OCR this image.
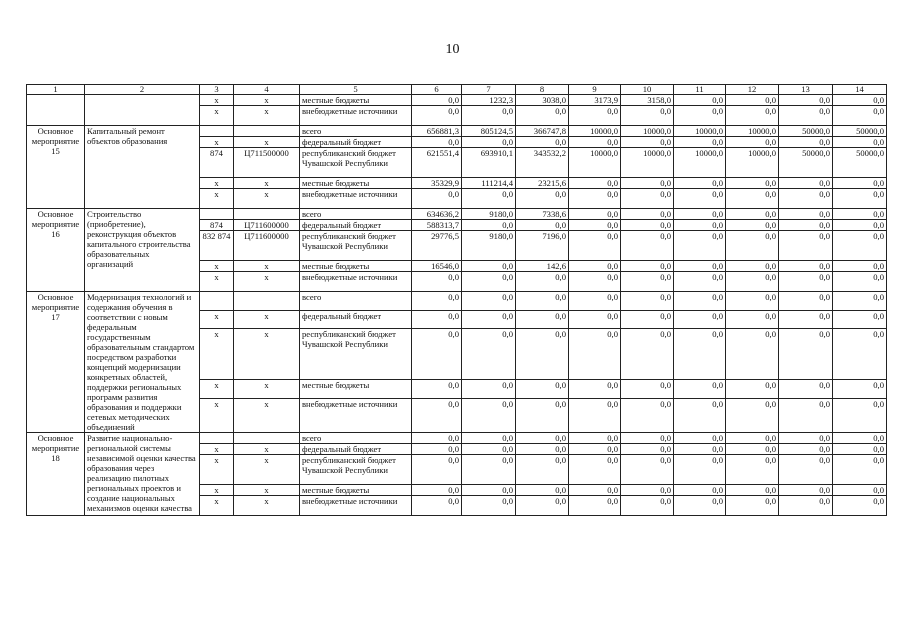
10
1	2	3	4	5	6	7	8	9	10	11	12	13	14
		x	x	местные бюджеты	0,0	1232,3	3038,0	3173,9	3158,0	0,0	0,0	0,0	0,0
		x	x	внебюджетные источники	0,0	0,0	0,0	0,0	0,0	0,0	0,0	0,0	0,0
Основное мероприятие 15	Капитальный ремонт объектов образования			всего	656881,3	805124,5	366747,8	10000,0	10000,0	10000,0	10000,0	50000,0	50000,0
		x	x	федеральный бюджет	0,0	0,0	0,0	0,0	0,0	0,0	0,0	0,0	0,0
		874	Ц711500000	республиканский бюджет Чувашской Республики	621551,4	693910,1	343532,2	10000,0	10000,0	10000,0	10000,0	50000,0	50000,0
		x	x	местные бюджеты	35329,9	111214,4	23215,6	0,0	0,0	0,0	0,0	0,0	0,0
		x	x	внебюджетные источники	0,0	0,0	0,0	0,0	0,0	0,0	0,0	0,0	0,0
Основное мероприятие 16	Строительство (приобретение), реконструкция объектов капитального строительства образовательных организаций			всего	634636,2	9180,0	7338,6	0,0	0,0	0,0	0,0	0,0	0,0
		874	Ц711600000	федеральный бюджет	588313,7	0,0	0,0	0,0	0,0	0,0	0,0	0,0	0,0
		832 874	Ц711600000	республиканский бюджет Чувашской Республики	29776,5	9180,0	7196,0	0,0	0,0	0,0	0,0	0,0	0,0
		x	x	местные бюджеты	16546,0	0,0	142,6	0,0	0,0	0,0	0,0	0,0	0,0
		x	x	внебюджетные источники	0,0	0,0	0,0	0,0	0,0	0,0	0,0	0,0	0,0
Основное мероприятие 17	Модернизация технологий и содержания обучения в соответствии с новым федеральным государственным образовательным стандартом посредством разработки концепций модернизации конкретных областей, поддержки региональных программ развития образования и поддержки сетевых методических объединений			всего	0,0	0,0	0,0	0,0	0,0	0,0	0,0	0,0	0,0
		x	x	федеральный бюджет	0,0	0,0	0,0	0,0	0,0	0,0	0,0	0,0	0,0
		x	x	республиканский бюджет Чувашской Республики	0,0	0,0	0,0	0,0	0,0	0,0	0,0	0,0	0,0
		x	x	местные бюджеты	0,0	0,0	0,0	0,0	0,0	0,0	0,0	0,0	0,0
		x	x	внебюджетные источники	0,0	0,0	0,0	0,0	0,0	0,0	0,0	0,0	0,0
Основное мероприятие 18	Развитие национально-региональной системы независимой оценки качества образования через реализацию пилотных региональных проектов и создание национальных механизмов оценки качества			всего	0,0	0,0	0,0	0,0	0,0	0,0	0,0	0,0	0,0
		x	x	федеральный бюджет	0,0	0,0	0,0	0,0	0,0	0,0	0,0	0,0	0,0
		x	x	республиканский бюджет Чувашской Республики	0,0	0,0	0,0	0,0	0,0	0,0	0,0	0,0	0,0
		x	x	местные бюджеты	0,0	0,0	0,0	0,0	0,0	0,0	0,0	0,0	0,0
		x	x	внебюджетные источники	0,0	0,0	0,0	0,0	0,0	0,0	0,0	0,0	0,0
